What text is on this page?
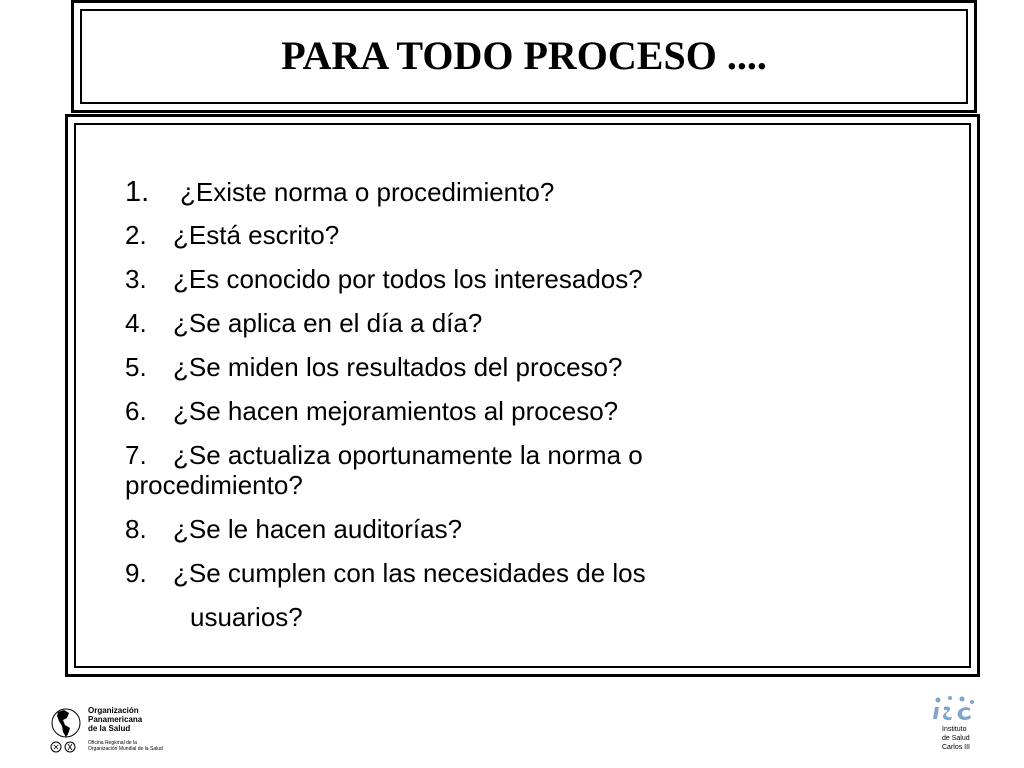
PARA TODO PROCESO ....
1. ¿Existe norma o procedimiento?
2. ¿Está escrito?
3. ¿Es conocido por todos los interesados?
4. ¿Se aplica en el día a día?
5. ¿Se miden los resultados del proceso?
6. ¿Se hacen mejoramientos al proceso?
7. ¿Se actualiza oportunamente la norma o
procedimiento?
8. ¿Se le hacen auditorías?
9. ¿Se cumplen con las necesidades de los
usuarios?
Organización
Panamericana
de la Salud
Oficina Regional de la
Organización Mundial de la Salud
Instituto
de Salud
Carlos III
